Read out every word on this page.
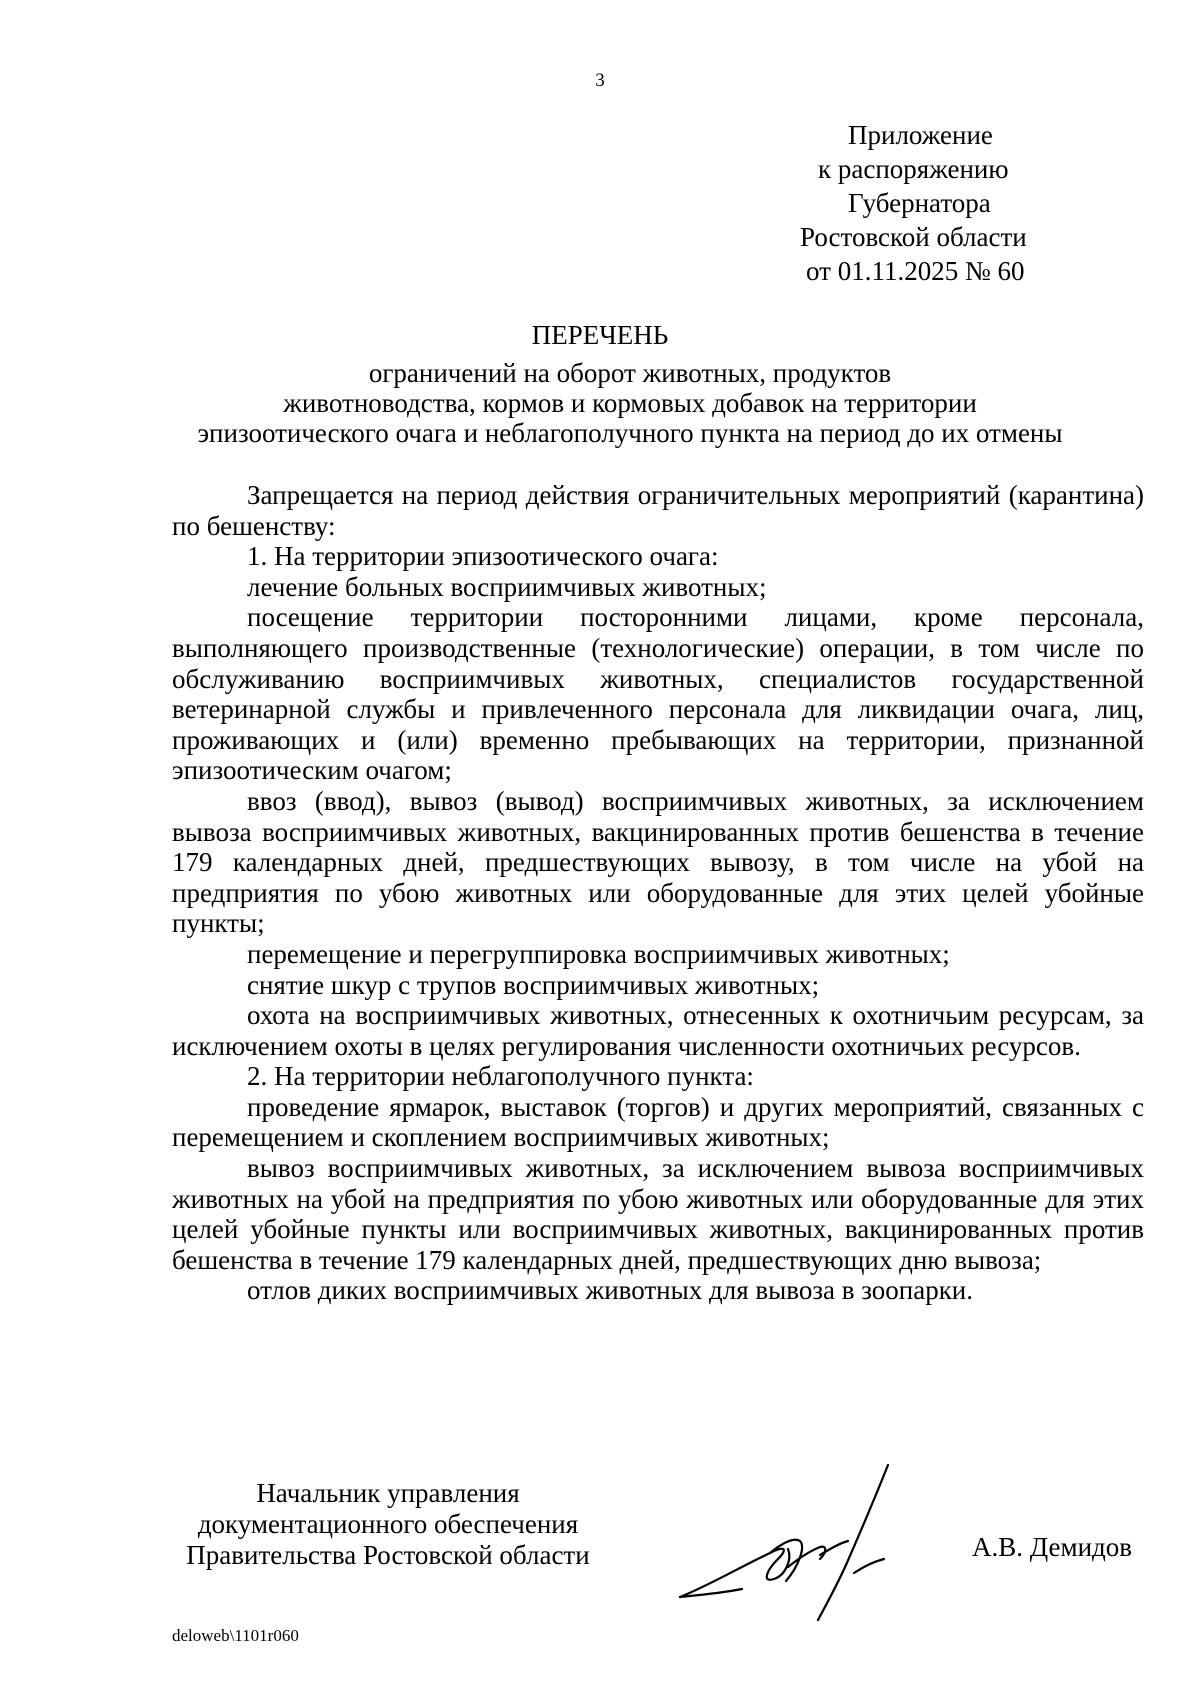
3
Приложение
к распоряжению
Губернатора
Ростовской области
от 01.11.2025 № 60
ПЕРЕЧЕНЬ
ограничений на оборот животных, продуктов
животноводства, кормов и кормовых добавок на территории
эпизоотического очага и неблагополучного пункта на период до их отмены

Запрещается на период действия ограничительных мероприятий (карантина) по бешенству:

1. На территории эпизоотического очага:

лечение больных восприимчивых животных;

посещение территории посторонними лицами, кроме персонала, выполняющего производственные (технологические) операции, в том числе по обслуживанию восприимчивых животных, специалистов государственной ветеринарной службы и привлеченного персонала для ликвидации очага, лиц, проживающих и (или) временно пребывающих на территории, признанной эпизоотическим очагом;

ввоз (ввод), вывоз (вывод) восприимчивых животных, за исключением вывоза восприимчивых животных, вакцинированных против бешенства в течение 179 календарных дней, предшествующих вывозу, в том числе на убой на предприятия по убою животных или оборудованные для этих целей убойные пункты;

перемещение и перегруппировка восприимчивых животных;

снятие шкур с трупов восприимчивых животных;

охота на восприимчивых животных, отнесенных к охотничьим ресурсам, за исключением охоты в целях регулирования численности охотничьих ресурсов.

2. На территории неблагополучного пункта:

проведение ярмарок, выставок (торгов) и других мероприятий, связанных с перемещением и скоплением восприимчивых животных;

вывоз восприимчивых животных, за исключением вывоза восприимчивых животных на убой на предприятия по убою животных или оборудованные для этих целей убойные пункты или восприимчивых животных, вакцинированных против бешенства в течение 179 календарных дней, предшествующих дню вывоза;

отлов диких восприимчивых животных для вывоза в зоопарки.

Начальник управления
документационного обеспечения
Правительства Ростовской области	А.В. Демидов
deloweb\1101r060
